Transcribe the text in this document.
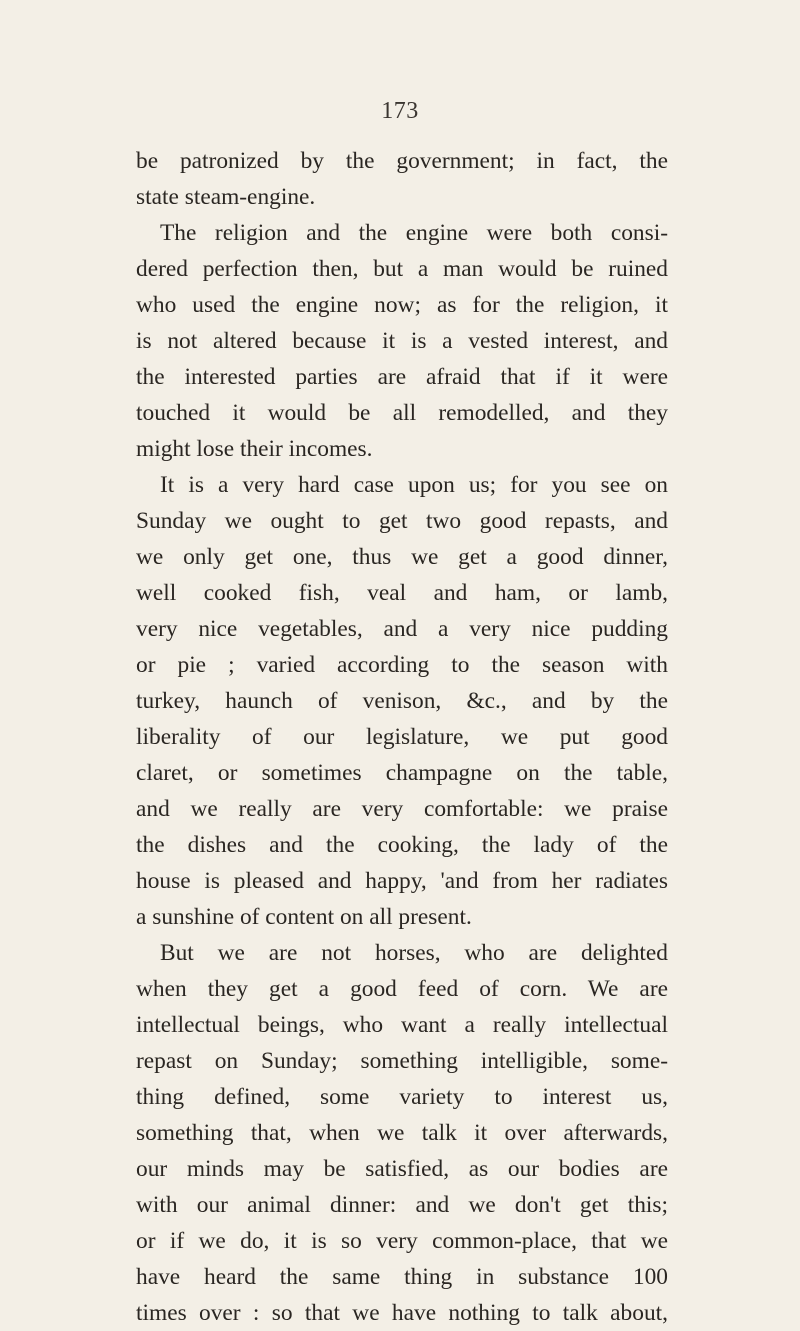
173
be patronized by the government; in fact, the
state steam-engine.
The religion and the engine were both consi-
dered perfection then, but a man would be ruined
who used the engine now; as for the religion, it
is not altered because it is a vested interest, and
the interested parties are afraid that if it were
touched it would be all remodelled, and they
might lose their incomes.
It is a very hard case upon us; for you see on
Sunday we ought to get two good repasts, and
we only get one, thus we get a good dinner,
well cooked fish, veal and ham, or lamb,
very nice vegetables, and a very nice pudding
or pie ; varied according to the season with
turkey, haunch of venison, &c., and by the
liberality of our legislature, we put good
claret, or sometimes champagne on the table,
and we really are very comfortable: we praise
the dishes and the cooking, the lady of the
house is pleased and happy, 'and from her radiates
a sunshine of content on all present.
But we are not horses, who are delighted
when they get a good feed of corn. We are
intellectual beings, who want a really intellectual
repast on Sunday; something intelligible, some-
thing defined, some variety to interest us,
something that, when we talk it over afterwards,
our minds may be satisfied, as our bodies are
with our animal dinner: and we don't get this;
or if we do, it is so very common-place, that we
have heard the same thing in substance 100
times over : so that we have nothing to talk about,
